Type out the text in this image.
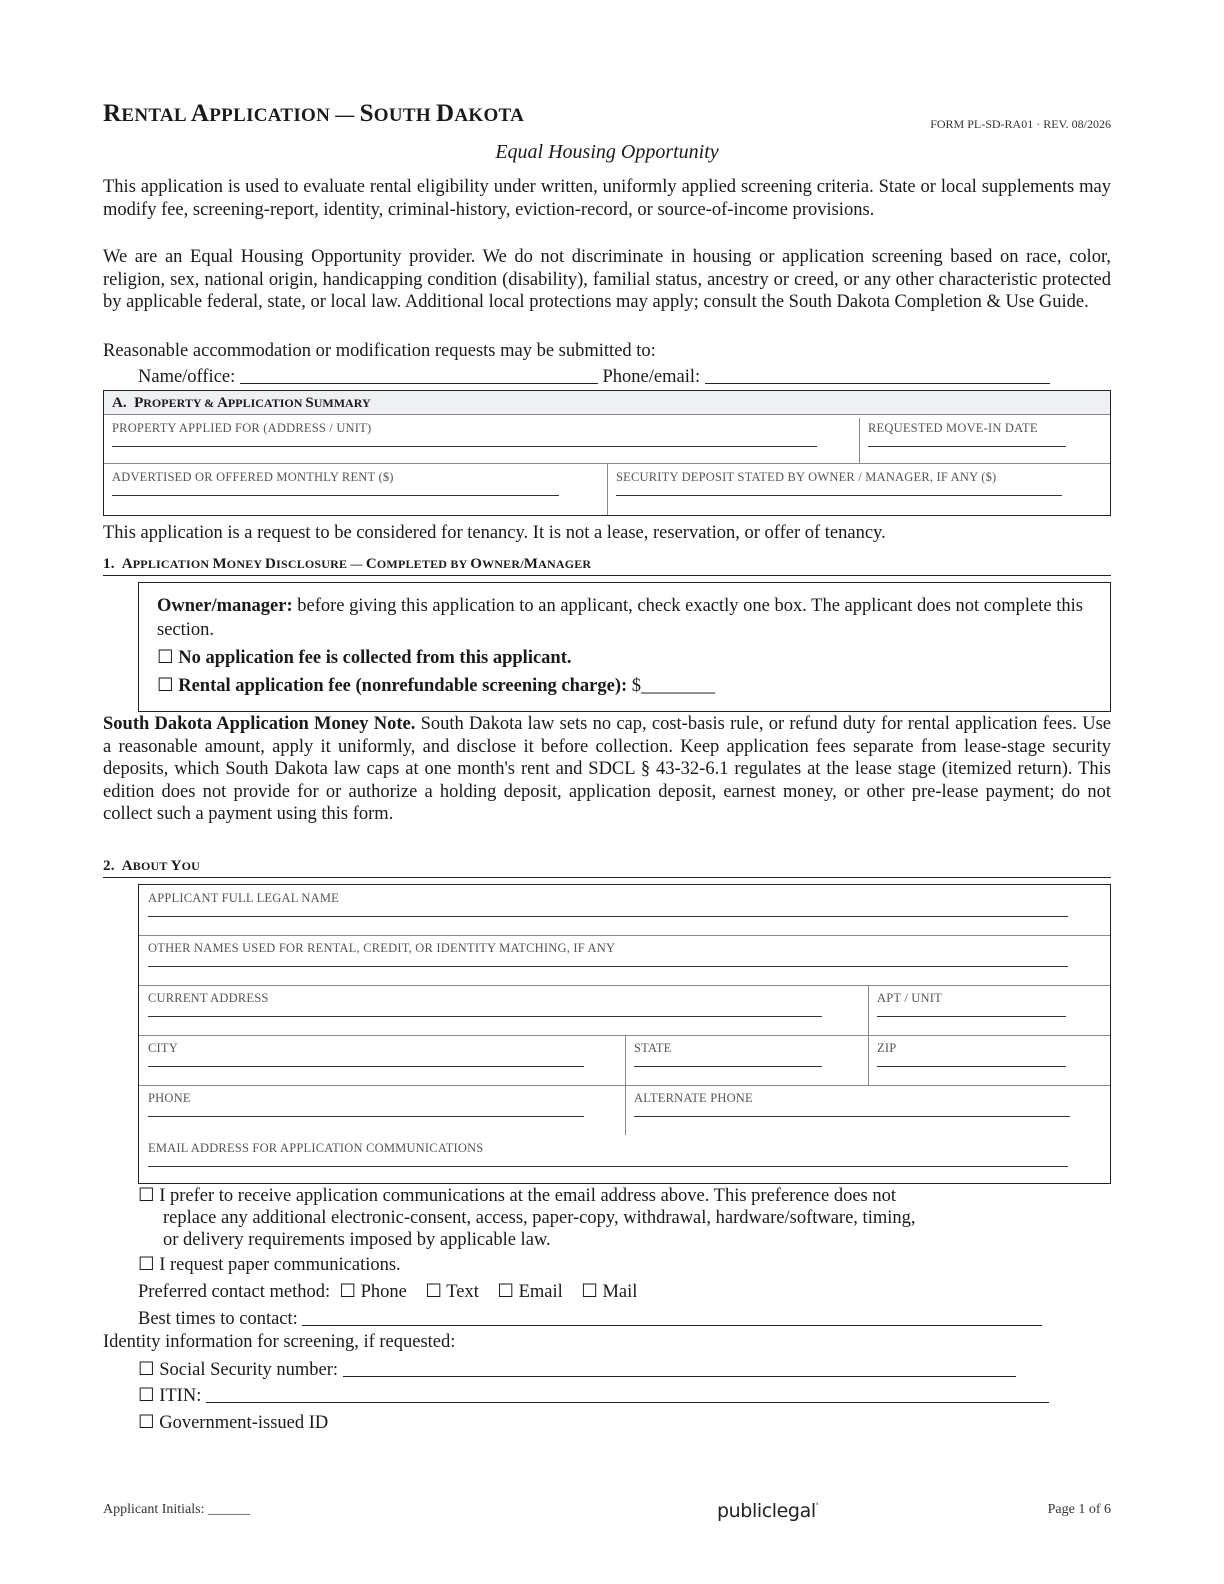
RENTAL APPLICATION — SOUTH DAKOTA	FORM PL-SD-RA01 · REV. 08/2026
Equal Housing Opportunity
This application is used to evaluate rental eligibility under written, uniformly applied screening criteria. State or local supplements may modify fee, screening-report, identity, criminal-history, eviction-record, or source-of-income provisions.
We are an Equal Housing Opportunity provider. We do not discriminate in housing or application screening based on race, color, religion, sex, national origin, handicapping condition (disability), familial status, ancestry or creed, or any other characteristic protected by applicable federal, state, or local law. Additional local protections may apply; consult the South Dakota Completion & Use Guide.
Reasonable accommodation or modification requests may be submitted to:
Name/office:	Phone/email:
A. PROPERTY & APPLICATION SUMMARY
PROPERTY APPLIED FOR (ADDRESS / UNIT)	REQUESTED MOVE-IN DATE
ADVERTISED OR OFFERED MONTHLY RENT ($)	SECURITY DEPOSIT STATED BY OWNER / MANAGER, IF ANY ($)
This application is a request to be considered for tenancy. It is not a lease, reservation, or offer of tenancy.
1. APPLICATION MONEY DISCLOSURE — COMPLETED BY OWNER/MANAGER
Owner/manager: before giving this application to an applicant, check exactly one box. The applicant does not complete this section.
☐ No application fee is collected from this applicant.
☐ Rental application fee (nonrefundable screening charge): $________
South Dakota Application Money Note. South Dakota law sets no cap, cost-basis rule, or refund duty for rental application fees. Use a reasonable amount, apply it uniformly, and disclose it before collection. Keep application fees separate from lease-stage security deposits, which South Dakota law caps at one month's rent and SDCL § 43-32-6.1 regulates at the lease stage (itemized return). This edition does not provide for or authorize a holding deposit, application deposit, earnest money, or other pre-lease payment; do not collect such a payment using this form.
2. ABOUT YOU
APPLICANT FULL LEGAL NAME
OTHER NAMES USED FOR RENTAL, CREDIT, OR IDENTITY MATCHING, IF ANY
CURRENT ADDRESS	APT / UNIT
CITY	STATE	ZIP
PHONE	ALTERNATE PHONE
EMAIL ADDRESS FOR APPLICATION COMMUNICATIONS
☐ I prefer to receive application communications at the email address above. This preference does not
replace any additional electronic-consent, access, paper-copy, withdrawal, hardware/software, timing,
or delivery requirements imposed by applicable law.
☐ I request paper communications.
Preferred contact method: ☐ Phone ☐ Text ☐ Email ☐ Mail
Best times to contact:
Identity information for screening, if requested:
☐ Social Security number:
☐ ITIN:
☐ Government-issued ID
Applicant Initials: ______	publiclegal'	Page 1 of 6
